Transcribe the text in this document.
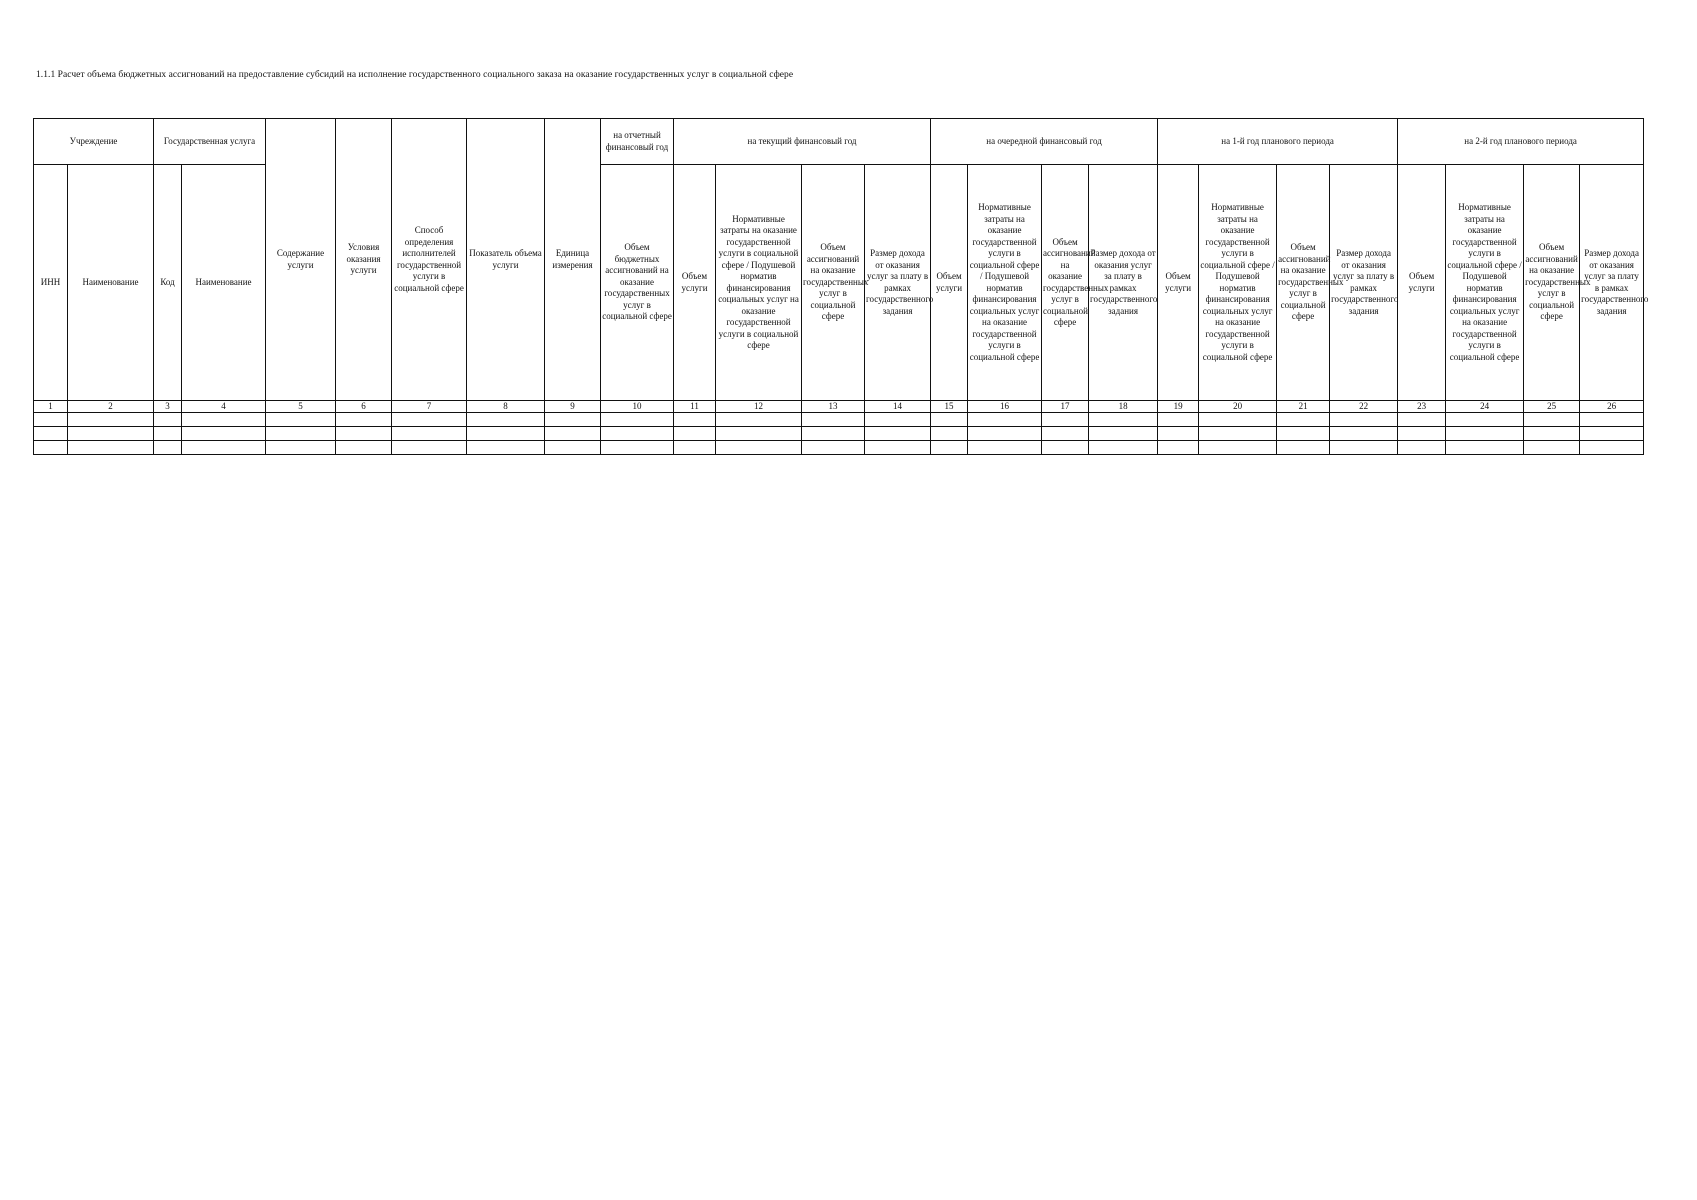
1.1.1 Расчет объема бюджетных ассигнований на предоставление субсидий на исполнение государственного социального заказа на оказание государственных услуг в социальной сфере
Учреждение		Государственная услуга		Содержание услуги	Условия оказания услуги	Способ определения исполнителей государственной услуги в социальной сфере	Показатель объема услуги	Единица измерения	на отчетный финансовый год	на текущий финансовый год				на очередной финансовый год				на 1-й год планового периода				на 2-й год планового периода			
ИНН	Наименование	Код	Наименование						Объем бюджетных ассигнований на оказание государственных услуг в социальной сфере	Объем услуги	Нормативные затраты на оказание государственной услуги в социальной сфере / Подушевой норматив финансирования социальных услуг на оказание государственной услуги в социальной сфере	Объем ассигнований на оказание государственных услуг в социальной сфере	Размер дохода от оказания услуг за плату в рамках государственного задания	Объем услуги	Нормативные затраты на оказание государственной услуги в социальной сфере / Подушевой норматив финансирования социальных услуг на оказание государственной услуги в социальной сфере	Объем ассигнований на оказание государственных услуг в социальной сфере	Размер дохода от оказания услуг за плату в рамках государственного задания	Объем услуги	Нормативные затраты на оказание государственной услуги в социальной сфере / Подушевой норматив финансирования социальных услуг на оказание государственной услуги в социальной сфере	Объем ассигнований на оказание государственных услуг в социальной сфере	Размер дохода от оказания услуг за плату в рамках государственного задания	Объем услуги	Нормативные затраты на оказание государственной услуги в социальной сфере / Подушевой норматив финансирования социальных услуг на оказание государственной услуги в социальной сфере	Объем ассигнований на оказание государственных услуг в социальной сфере	Размер дохода от оказания услуг за плату в рамках государственного задания
1	2	3	4	5	6	7	8	9	10	11	12	13	14	15	16	17	18	19	20	21	22	23	24	25	26
